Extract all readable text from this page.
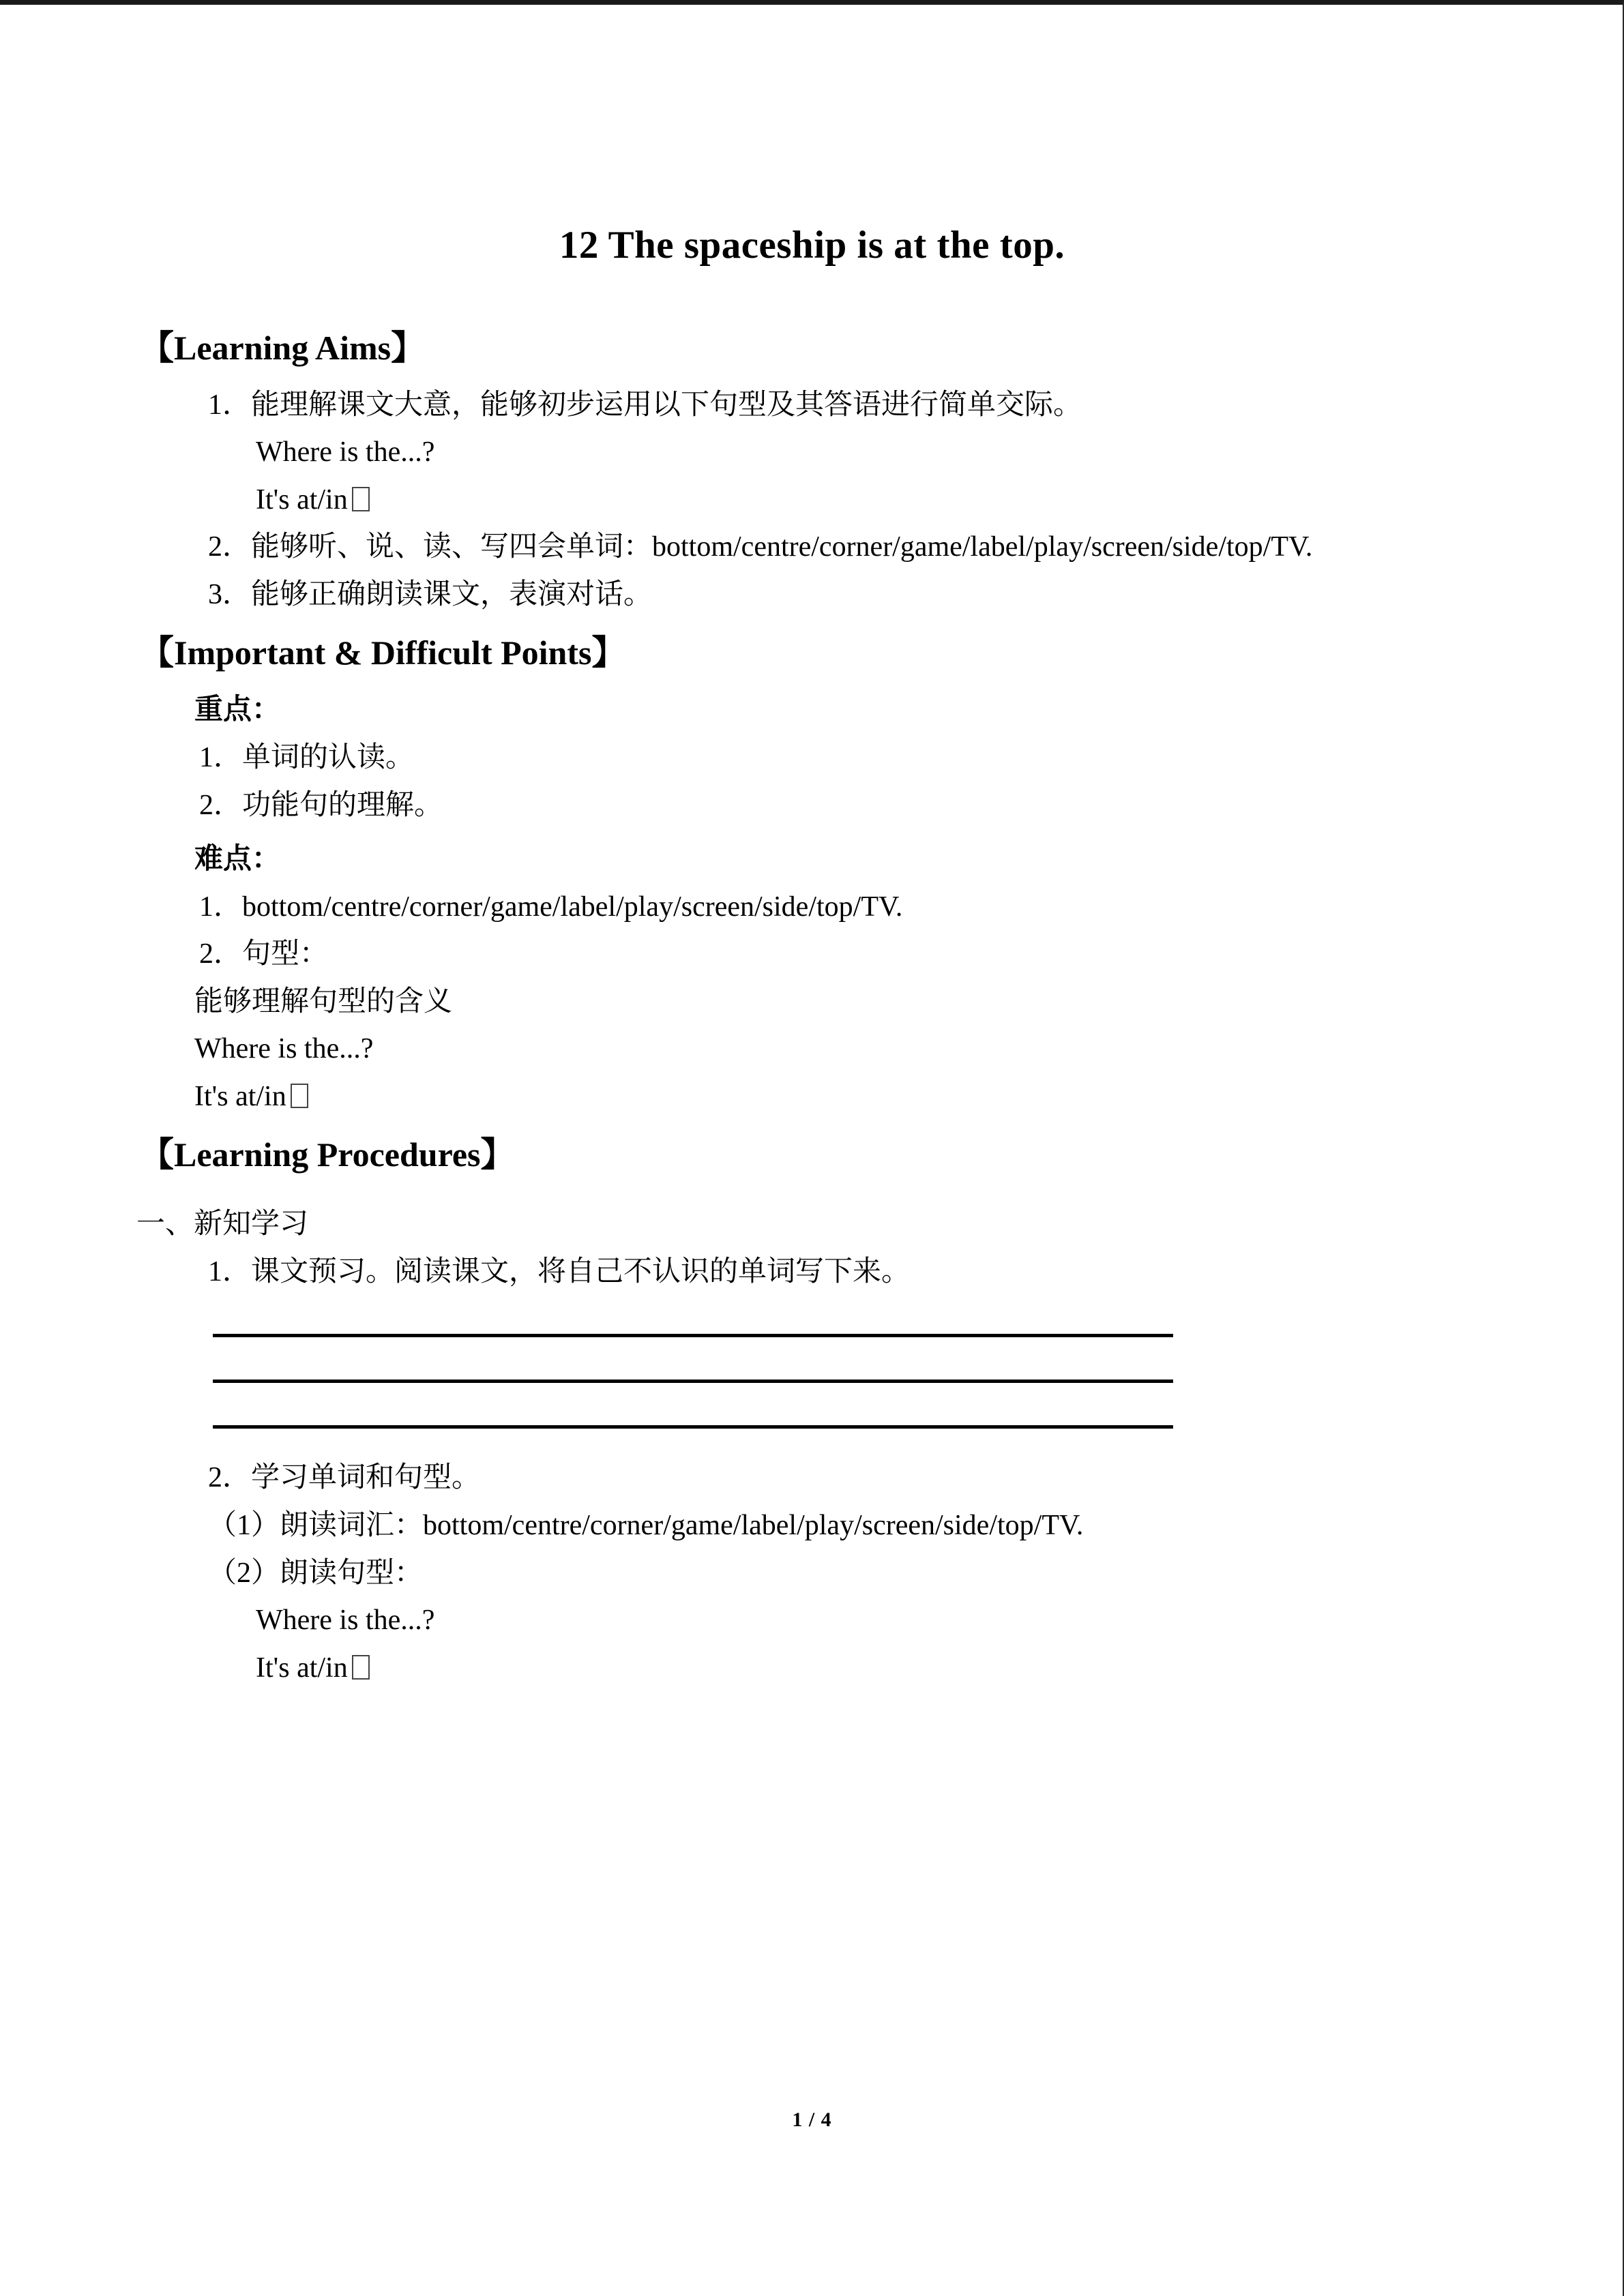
12 The spaceship is at the top.
【Learning Aims】
1．能理解课文大意，能够初步运用以下句型及其答语进行简单交际。
Where is the...?
It's at/in
2．能够听、说、读、写四会单词：bottom/centre/corner/game/label/play/screen/side/top/TV.
3．能够正确朗读课文，表演对话。
【Important & Difficult Points】
重点：
1．单词的认读。
2．功能句的理解。
难点：
1．bottom/centre/corner/game/label/play/screen/side/top/TV.
2．句型：
能够理解句型的含义
Where is the...?
It's at/in
【Learning Procedures】
一、新知学习
1．课文预习。阅读课文，将自己不认识的单词写下来。
2．学习单词和句型。
（1）朗读词汇：bottom/centre/corner/game/label/play/screen/side/top/TV.
（2）朗读句型：
Where is the...?
It's at/in
1 / 4
